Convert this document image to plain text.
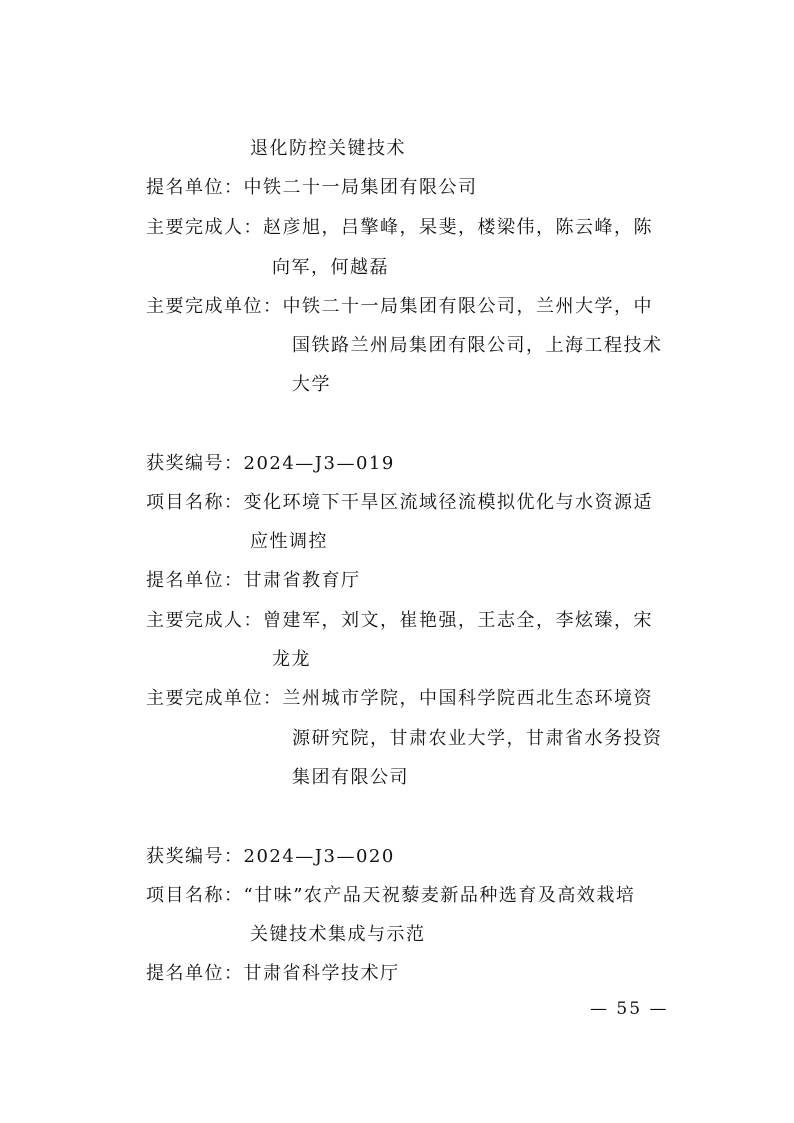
退化防控关键技术
提名单位：中铁二十一局集团有限公司
主要完成人：赵彦旭，吕擎峰，杲斐，楼梁伟，陈云峰，陈
向军，何越磊
主要完成单位：中铁二十一局集团有限公司，兰州大学，中
国铁路兰州局集团有限公司，上海工程技术
大学
获奖编号：2024—J3—019
项目名称：变化环境下干旱区流域径流模拟优化与水资源适
应性调控
提名单位：甘肃省教育厅
主要完成人：曾建军，刘文，崔艳强，王志全，李炫臻，宋
龙龙
主要完成单位：兰州城市学院，中国科学院西北生态环境资
源研究院，甘肃农业大学，甘肃省水务投资
集团有限公司
获奖编号：2024—J3—020
项目名称：“甘味”农产品天祝藜麦新品种选育及高效栽培
关键技术集成与示范
提名单位：甘肃省科学技术厅
— 55 —
